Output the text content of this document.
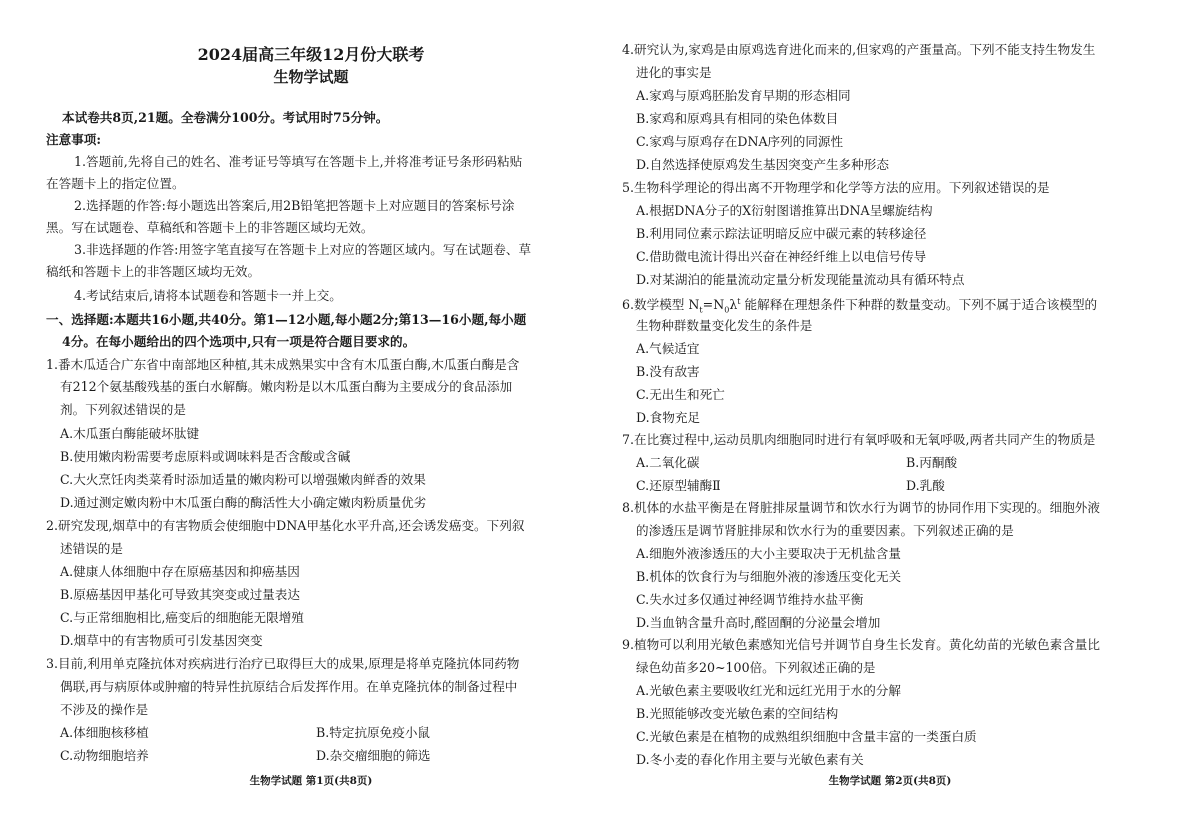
2024届高三年级12月份大联考
生物学试题
本试卷共8页,21题。全卷满分100分。考试用时75分钟。
注意事项:
1.答题前,先将自己的姓名、准考证号等填写在答题卡上,并将准考证号条形码粘贴
在答题卡上的指定位置。
2.选择题的作答:每小题选出答案后,用2B铅笔把答题卡上对应题目的答案标号涂
黑。写在试题卷、草稿纸和答题卡上的非答题区域均无效。
3.非选择题的作答:用签字笔直接写在答题卡上对应的答题区域内。写在试题卷、草
稿纸和答题卡上的非答题区域均无效。
4.考试结束后,请将本试题卷和答题卡一并上交。
一、选择题:本题共16小题,共40分。第1—12小题,每小题2分;第13—16小题,每小题
4分。在每小题给出的四个选项中,只有一项是符合题目要求的。
1.番木瓜适合广东省中南部地区种植,其未成熟果实中含有木瓜蛋白酶,木瓜蛋白酶是含
有212个氨基酸残基的蛋白水解酶。嫩肉粉是以木瓜蛋白酶为主要成分的食品添加
剂。下列叙述错误的是
A.木瓜蛋白酶能破坏肽键
B.使用嫩肉粉需要考虑原料或调味料是否含酸或含碱
C.大火烹饪肉类菜肴时添加适量的嫩肉粉可以增强嫩肉鲜香的效果
D.通过测定嫩肉粉中木瓜蛋白酶的酶活性大小确定嫩肉粉质量优劣
2.研究发现,烟草中的有害物质会使细胞中DNA甲基化水平升高,还会诱发癌变。下列叙
述错误的是
A.健康人体细胞中存在原癌基因和抑癌基因
B.原癌基因甲基化可导致其突变或过量表达
C.与正常细胞相比,癌变后的细胞能无限增殖
D.烟草中的有害物质可引发基因突变
3.目前,利用单克隆抗体对疾病进行治疗已取得巨大的成果,原理是将单克隆抗体同药物
偶联,再与病原体或肿瘤的特异性抗原结合后发挥作用。在单克隆抗体的制备过程中
不涉及的操作是
A.体细胞核移植	B.特定抗原免疫小鼠
C.动物细胞培养	D.杂交瘤细胞的筛选
生物学试题 第1页(共8页)
4.研究认为,家鸡是由原鸡选育进化而来的,但家鸡的产蛋量高。下列不能支持生物发生
进化的事实是
A.家鸡与原鸡胚胎发育早期的形态相同
B.家鸡和原鸡具有相同的染色体数目
C.家鸡与原鸡存在DNA序列的同源性
D.自然选择使原鸡发生基因突变产生多种形态
5.生物科学理论的得出离不开物理学和化学等方法的应用。下列叙述错误的是
A.根据DNA分子的X衍射图谱推算出DNA呈螺旋结构
B.利用同位素示踪法证明暗反应中碳元素的转移途径
C.借助微电流计得出兴奋在神经纤维上以电信号传导
D.对某湖泊的能量流动定量分析发现能量流动具有循环特点
6.数学模型 $N_t=N_0\lambda^t$ 能解释在理想条件下种群的数量变动。下列不属于适合该模型的
生物种群数量变化发生的条件是
A.气候适宜
B.没有敌害
C.无出生和死亡
D.食物充足
7.在比赛过程中,运动员肌肉细胞同时进行有氧呼吸和无氧呼吸,两者共同产生的物质是
A.二氧化碳	B.丙酮酸
C.还原型辅酶Ⅱ	D.乳酸
8.机体的水盐平衡是在肾脏排尿量调节和饮水行为调节的协同作用下实现的。细胞外液
的渗透压是调节肾脏排尿和饮水行为的重要因素。下列叙述正确的是
A.细胞外液渗透压的大小主要取决于无机盐含量
B.机体的饮食行为与细胞外液的渗透压变化无关
C.失水过多仅通过神经调节维持水盐平衡
D.当血钠含量升高时,醛固酮的分泌量会增加
9.植物可以利用光敏色素感知光信号并调节自身生长发育。黄化幼苗的光敏色素含量比
绿色幼苗多20~100倍。下列叙述正确的是
A.光敏色素主要吸收红光和远红光用于水的分解
B.光照能够改变光敏色素的空间结构
C.光敏色素是在植物的成熟组织细胞中含量丰富的一类蛋白质
D.冬小麦的春化作用主要与光敏色素有关
生物学试题 第2页(共8页)
